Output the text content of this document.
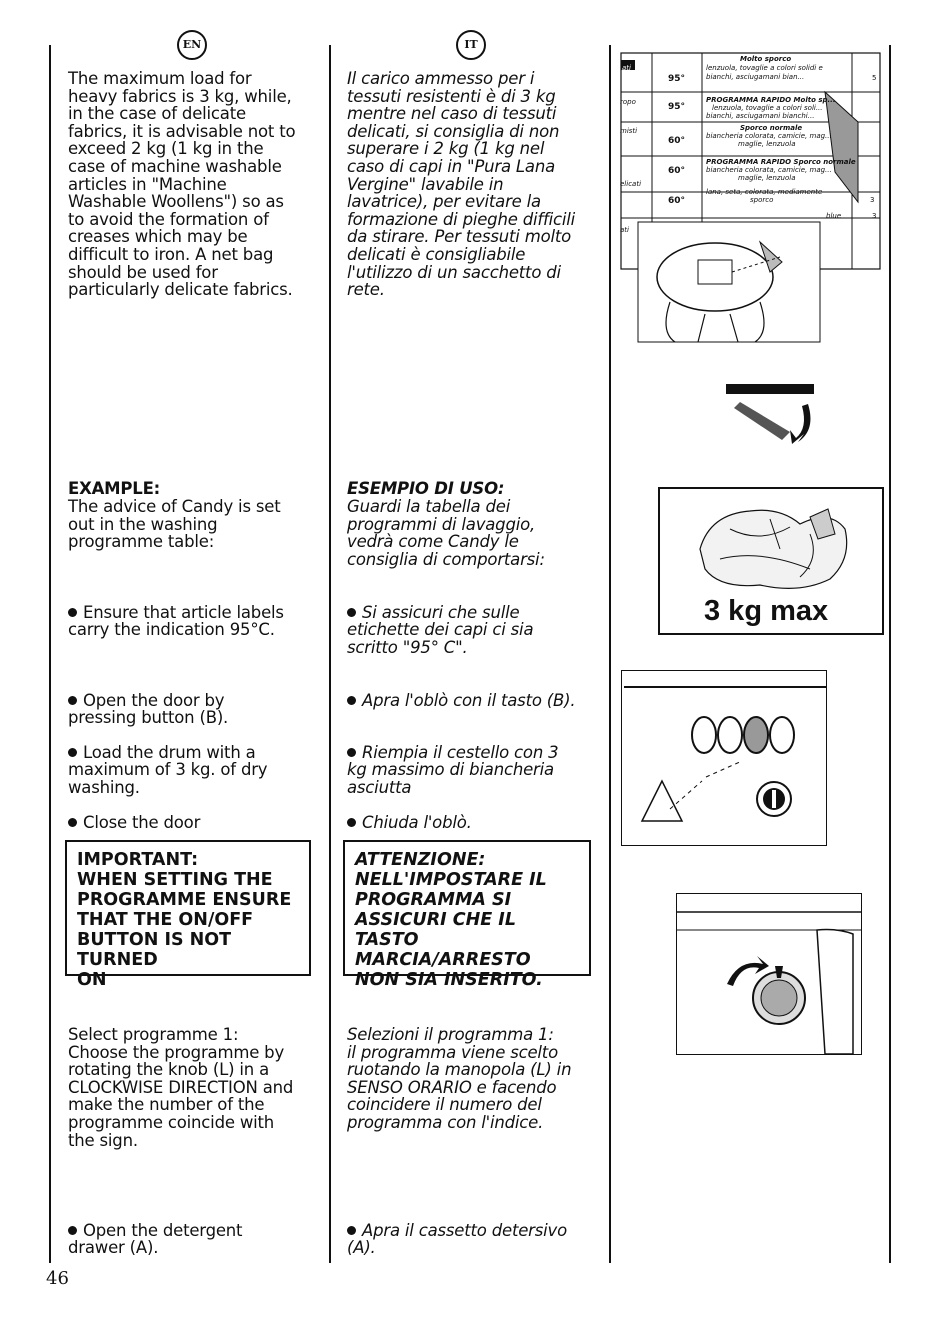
EN	IT
The maximum load for
heavy fabrics is 3 kg, while,
in the case of delicate
fabrics, it is advisable not to
exceed 2 kg (1 kg in the
case of machine washable
articles in "Machine
Washable Woollens") so as
to avoid the formation of
creases which may be
difficult to iron. A net bag
should be used for
particularly delicate fabrics.
EXAMPLE:
The advice of Candy is set
out in the washing
programme table:

Ensure that article labels
carry the indication 95°C.

Open the door by
pressing button (B).

Load the drum with a
maximum of 3 kg. of dry
washing.

Close the door

IMPORTANT:
WHEN SETTING THE
PROGRAMME ENSURE
THAT THE ON/OFF
BUTTON IS NOT TURNED
ON
Select programme 1:
Choose the programme by
rotating the knob (L) in a
CLOCKWISE DIRECTION and
make the number of the
programme coincide with
the sign.

Open the detergent
drawer (A).

Il carico ammesso per i
tessuti resistenti è di 3 kg
mentre nel caso di tessuti
delicati, si consiglia di non
superare i 2 kg (1 kg nel
caso di capi in "Pura Lana
Vergine" lavabile in
lavatrice), per evitare la
formazione di pieghe difficili
da stirare. Per tessuti molto
delicati è consigliabile
l'utilizzo di un sacchetto di
rete.
ESEMPIO DI USO:
Guardi la tabella dei
programmi di lavaggio,
vedrà come Candy le
consiglia di comportarsi:

Si assicuri che sulle
etichette dei capi ci sia
scritto "95° C".

Apra l'oblò con il tasto (B).

Riempia il cestello con 3
kg massimo di biancheria
asciutta

Chiuda l'oblò.

ATTENZIONE:
NELL'IMPOSTARE IL
PROGRAMMA SI
ASSICURI CHE IL TASTO
MARCIA/ARRESTO
NON SIA INSERITO.
Selezioni il programma 1:
il programma viene scelto
ruotando la manopola (L) in
SENSO ORARIO e facendo
coincidere il numero del
programma con l'indice.

Apra il cassetto detersivo
(A).

ati
ropo
misti
elicati
ati
95°
95°
60°
60°
60°
Molto sporco
lenzuola, tovaglie a colori solidi e
bianchi, asciugamani bian...
PROGRAMMA RAPIDO Molto sp...
lenzuola, tovaglie a colori soli...
bianchi, asciugamani bianchi...
Sporco normale
biancheria colorata, camicie, mag...
maglie, lenzuola
PROGRAMMA RAPIDO Sporco normale
biancheria colorata, camicie, mag...
maglie, lenzuola
lana, seta, colorata, mediamente
sporco
blue
5
3
3
3 kg max
46
